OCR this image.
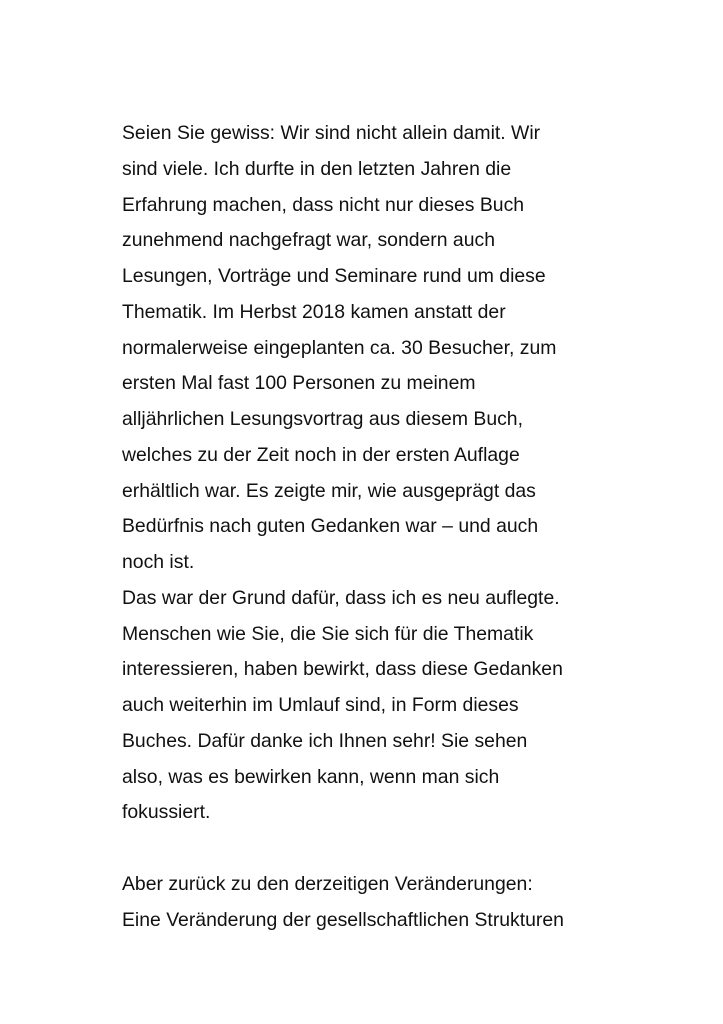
Seien Sie gewiss: Wir sind nicht allein damit. Wir
sind viele. Ich durfte in den letzten Jahren die
Erfahrung machen, dass nicht nur dieses Buch
zunehmend nachgefragt war, sondern auch
Lesungen, Vorträge und Seminare rund um diese
Thematik. Im Herbst 2018 kamen anstatt der
normalerweise eingeplanten ca. 30 Besucher, zum
ersten Mal fast 100 Personen zu meinem
alljährlichen Lesungsvortrag aus diesem Buch,
welches zu der Zeit noch in der ersten Auflage
erhältlich war. Es zeigte mir, wie ausgeprägt das
Bedürfnis nach guten Gedanken war – und auch
noch ist.
Das war der Grund dafür, dass ich es neu auflegte.
Menschen wie Sie, die Sie sich für die Thematik
interessieren, haben bewirkt, dass diese Gedanken
auch weiterhin im Umlauf sind, in Form dieses
Buches. Dafür danke ich Ihnen sehr! Sie sehen
also, was es bewirken kann, wenn man sich
fokussiert.
Aber zurück zu den derzeitigen Veränderungen:
Eine Veränderung der gesellschaftlichen Strukturen
